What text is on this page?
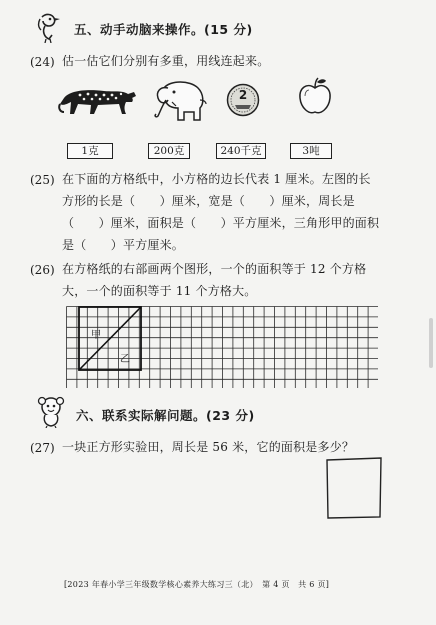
五、动手动脑来操作。(15 分)
(24) 估一估它们分别有多重，用线连起来。
2
1克	200克	240千克	3吨
(25) 在下面的方格纸中，小方格的边长代表 1 厘米。左图的长
方形的长是（　　）厘米，宽是（　　）厘米，周长是
（　　）厘米，面积是（　　）平方厘米，三角形甲的面积
是（　　）平方厘米。
(26) 在方格纸的右部画两个图形，一个的面积等于 12 个方格
大，一个的面积等于 11 个方格大。
甲
乙
六、联系实际解问题。(23 分)
(27) 一块正方形实验田，周长是 56 米，它的面积是多少？
[2023 年春小学三年级数学核心素养大练习三（北）　第 4 页　共 6 页]
